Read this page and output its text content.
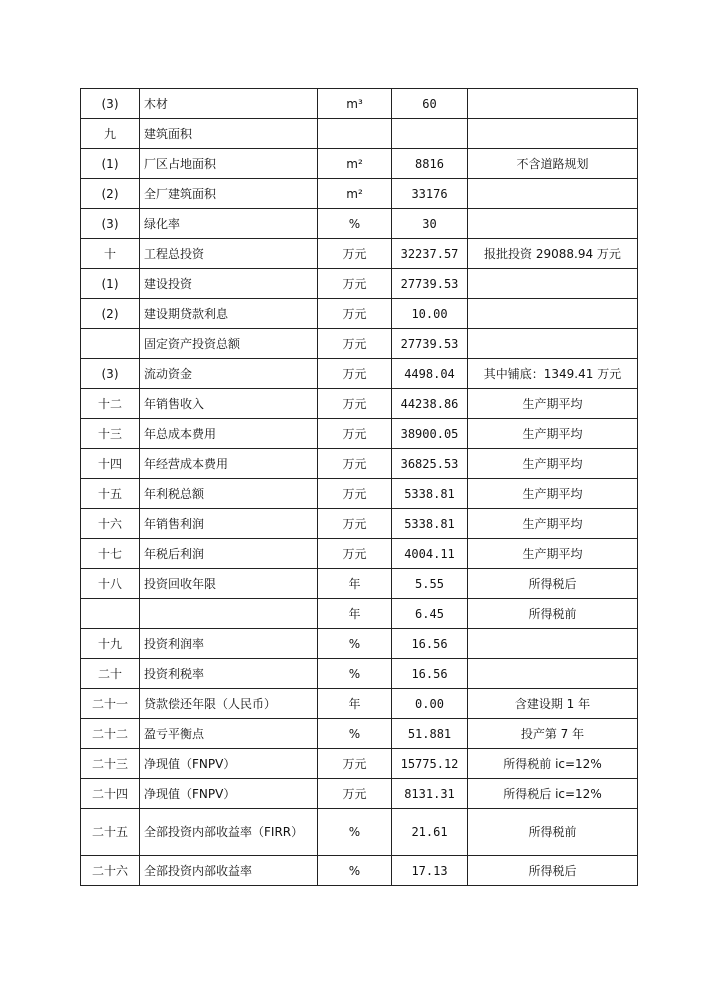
(3)	木材	m³	60	
九	建筑面积			
(1)	厂区占地面积	m²	8816	不含道路规划
(2)	全厂建筑面积	m²	33176	
(3)	绿化率	%	30	
十	工程总投资	万元	32237.57	报批投资 29088.94 万元
(1)	建设投资	万元	27739.53	
(2)	建设期贷款利息	万元	10.00	
	固定资产投资总额	万元	27739.53	
(3)	流动资金	万元	4498.04	其中铺底：1349.41 万元
十二	年销售收入	万元	44238.86	生产期平均
十三	年总成本费用	万元	38900.05	生产期平均
十四	年经营成本费用	万元	36825.53	生产期平均
十五	年利税总额	万元	5338.81	生产期平均
十六	年销售利润	万元	5338.81	生产期平均
十七	年税后利润	万元	4004.11	生产期平均
十八	投资回收年限	年	5.55	所得税后
		年	6.45	所得税前
十九	投资利润率	%	16.56	
二十	投资利税率	%	16.56	
二十一	贷款偿还年限（人民币）	年	0.00	含建设期 1 年
二十二	盈亏平衡点	%	51.881	投产第 7 年
二十三	净现值（FNPV）	万元	15775.12	所得税前 ic=12%
二十四	净现值（FNPV）	万元	8131.31	所得税后 ic=12%
二十五	全部投资内部收益率（FIRR）	%	21.61	所得税前
二十六	全部投资内部收益率	%	17.13	所得税后
